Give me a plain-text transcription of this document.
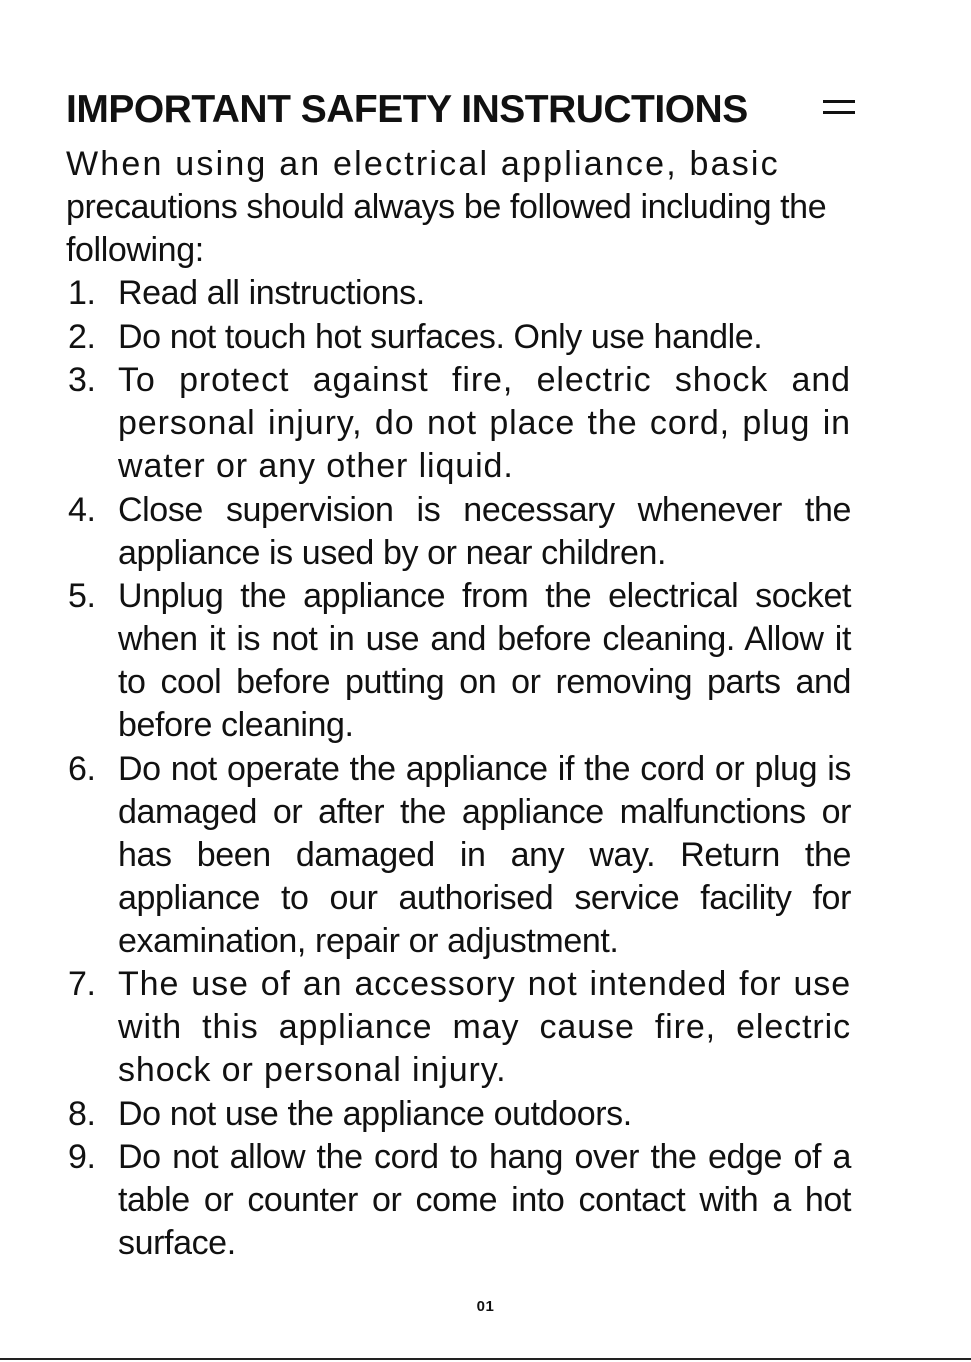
IMPORTANT SAFETY INSTRUCTIONS
When using an electrical appliance, basic
precautions should always be followed including the following:
1. Read all instructions.
2. Do not touch hot surfaces. Only use handle.
3. To protect against fire, electric shock and personal injury, do not place the cord, plug in water or any other liquid.
4. Close supervision is necessary whenever the appliance is used by or near children.
5. Unplug the appliance from the electrical socket when it is not in use and before cleaning. Allow it to cool before putting on or removing parts and before cleaning.
6. Do not operate the appliance if the cord or plug is damaged or after the appliance malfunctions or has been damaged in any way. Return the appliance to our authorised service facility for examination, repair or adjustment.
7. The use of an accessory not intended for use with this appliance may cause fire, electric shock or personal injury.
8. Do not use the appliance outdoors.
9. Do not allow the cord to hang over the edge of a table or counter or come into contact with a hot surface.
01
